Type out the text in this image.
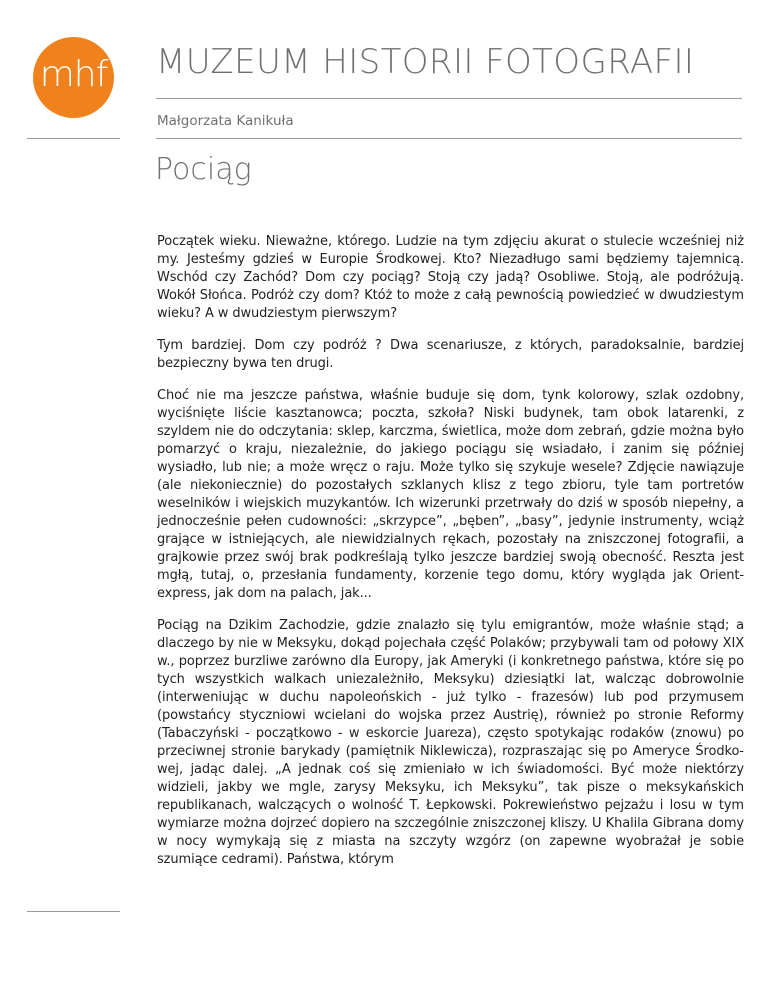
mhf MUZEUM HISTORII FOTOGRAFII

Małgorzata Kanikuła

Pociąg

Początek wieku. Nieważne, którego. Ludzie na tym zdjęciu akurat o stulecie wcześniej niż my. Jesteśmy gdzieś w Europie Środkowej. Kto? Niezadługo sami będziemy tajemnicą. Wschód czy Zachód? Dom czy pociąg? Stoją czy jadą? Osobliwe. Stoją, ale podróżują. Wokół Słońca. Podróż czy dom? Któż to może z całą pewnością powiedzieć w dwudziestym wieku? A w dwudziestym pierwszym?

Tym bardziej. Dom czy podróż ? Dwa scenariusze, z których, paradoksalnie, bardziej bezpieczny bywa ten drugi.

Choć nie ma jeszcze państwa, właśnie buduje się dom, tynk kolorowy, szlak ozdobny, wyciśnięte liście kasztanowca; poczta, szkoła? Niski budynek, tam obok latarenki, z szyldem nie do odczytania: sklep, karczma, świetlica, może dom zebrań, gdzie można było pomarzyć o kraju, niezależnie, do jakiego pociągu się wsiadało, i zanim się później wysiadło, lub nie; a może wręcz o raju. Może tylko się szykuje wesele? Zdjęcie nawiązuje (ale niekoniecznie) do pozostałych szklanych klisz z tego zbioru, tyle tam portretów weselników i wiejskich muzykantów. Ich wizerunki przetrwały do dziś w sposób niepełny, a jednocześnie pełen cudowności: „skrzypce”, „bęben”, „basy”, jedynie instrumenty, wciąż grające w istniejących, ale niewidzialnych rękach, pozostały na zniszczonej fotografii, a grajkowie przez swój brak podkreślają tylko jeszcze bardziej swoją obecność. Reszta jest mgłą, tutaj, o, przesłania fundamenty, korzenie tego domu, który wygląda jak Orient-express, jak dom na palach, jak...

Pociąg na Dzikim Zachodzie, gdzie znalazło się tylu emigrantów, może właśnie stąd; a dlaczego by nie w Meksyku, dokąd pojechała część Polaków; przybywali tam od połowy XIX w., poprzez burzliwe zarówno dla Europy, jak Ameryki (i konkretnego państwa, które się po tych wszystkich walkach uniezależniło, Meksyku) dziesiątki lat, walcząc dobrowolnie (interweniując w duchu napoleońskich - już tylko - frazesów) lub pod przymusem (powstańcy styczniowi wcielani do wojska przez Austrię), również po stronie Reformy (Tabaczyński - początkowo - w eskorcie Juareza), często spotykając rodaków (znowu) po przeciwnej stronie barykady (pamiętnik Niklewicza), rozpraszając się po Ameryce Środkowej, jadąc dalej. „A jednak coś się zmieniało w ich świadomości. Być może niektórzy widzieli, jakby we mgle, zarysy Meksyku, ich Meksyku”, tak pisze o meksykańskich republikanach, walczących o wolność T. Łepkowski. Pokrewieństwo pejzażu i losu w tym wymiarze można dojrzeć dopiero na szczególnie zniszczonej kliszy. U Khalila Gibrana domy w nocy wymykają się z miasta na szczyty wzgórz (on zapewne wyobrażał je sobie szumiące cedrami). Państwa, którym
